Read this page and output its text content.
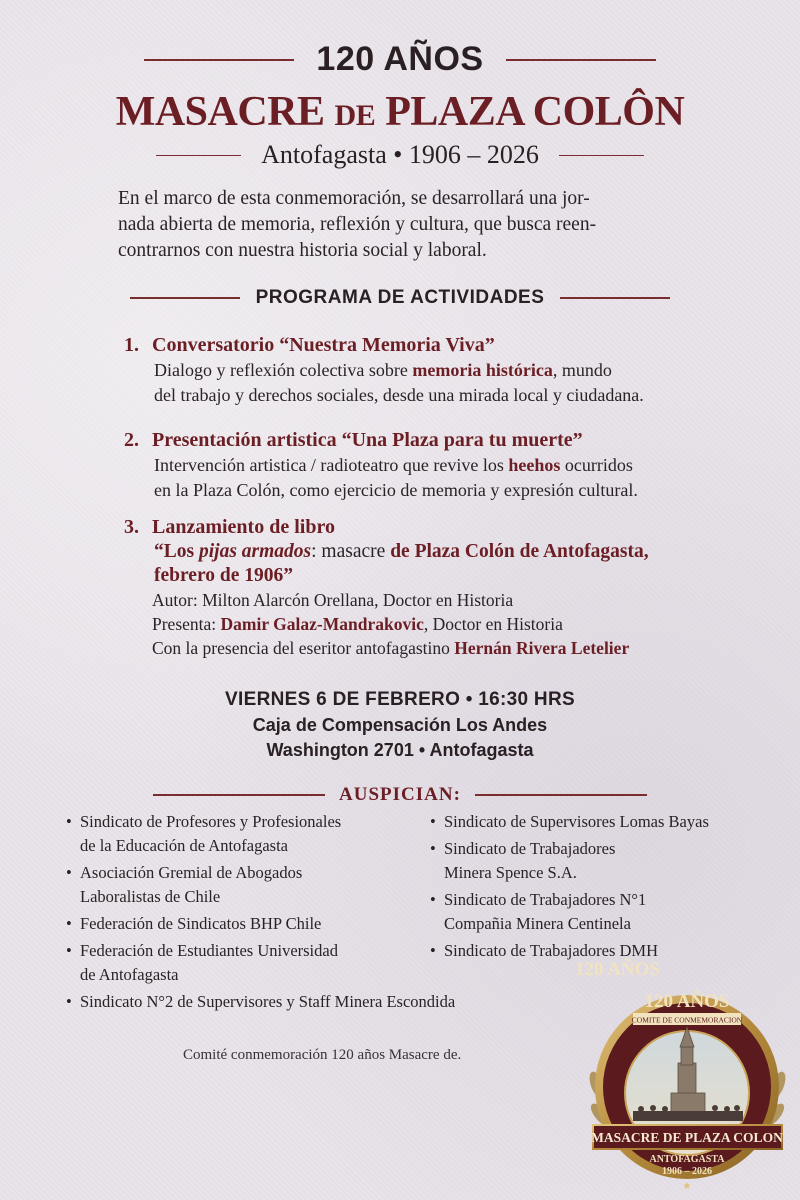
120 AÑOS
MASACRE DE PLAZA COLÔN
Antofagasta • 1906 – 2026
En el marco de esta conmemoración, se desarrollará una jor-
nada abierta de memoria, reflexión y cultura, que busca reen-
contrarnos con nuestra historia social y laboral.
PROGRAMA DE ACTIVIDADES
1. Conversatorio “Nuestra Memoria Viva”
Dialogo y reflexión colectiva sobre memoria histórica, mundo
del trabajo y derechos sociales, desde una mirada local y ciudadana.
2. Presentación artistica “Una Plaza para tu muerte”
Intervención artistica / radioteatro que revive los heehos ocurridos
en la Plaza Colón, como ejercicio de memoria y expresión cultural.
3. Lanzamiento de libro
“Los pijas armados: masacre de Plaza Colón de Antofagasta,
febrero de 1906”
Autor: Milton Alarcón Orellana, Doctor en Historia
Presenta: Damir Galaz-Mandrakovic, Doctor en Historia
Con la presencia del eseritor antofagastino Hernán Rivera Letelier
VIERNES 6 DE FEBRERO • 16:30 HRS
Caja de Compensación Los Andes
Washington 2701 • Antofagasta
AUSPICIAN:
• Sindicato de Profesores y Profesionales
de la Educación de Antofagasta
• Asociación Gremial de Abogados
Laboralistas de Chile
• Federación de Sindicatos BHP Chile
• Federación de Estudiantes Universidad
de Antofagasta
• Sindicato N°2 de Supervisores y Staff Minera Escondida
• Sindicato de Supervisores Lomas Bayas
• Sindicato de Trabajadores
Minera Spence S.A.
• Sindicato de Trabajadores N°1
Compañia Minera Centinela
• Sindicato de Trabajadores DMH
Comité conmemoración 120 años Masacre de.
120 AÑOS
120 AÑOS
COMITE DE CONMEMORACION
MASACRE DE PLAZA COLON
ANTOFAGASTA
1906 – 2026
★
